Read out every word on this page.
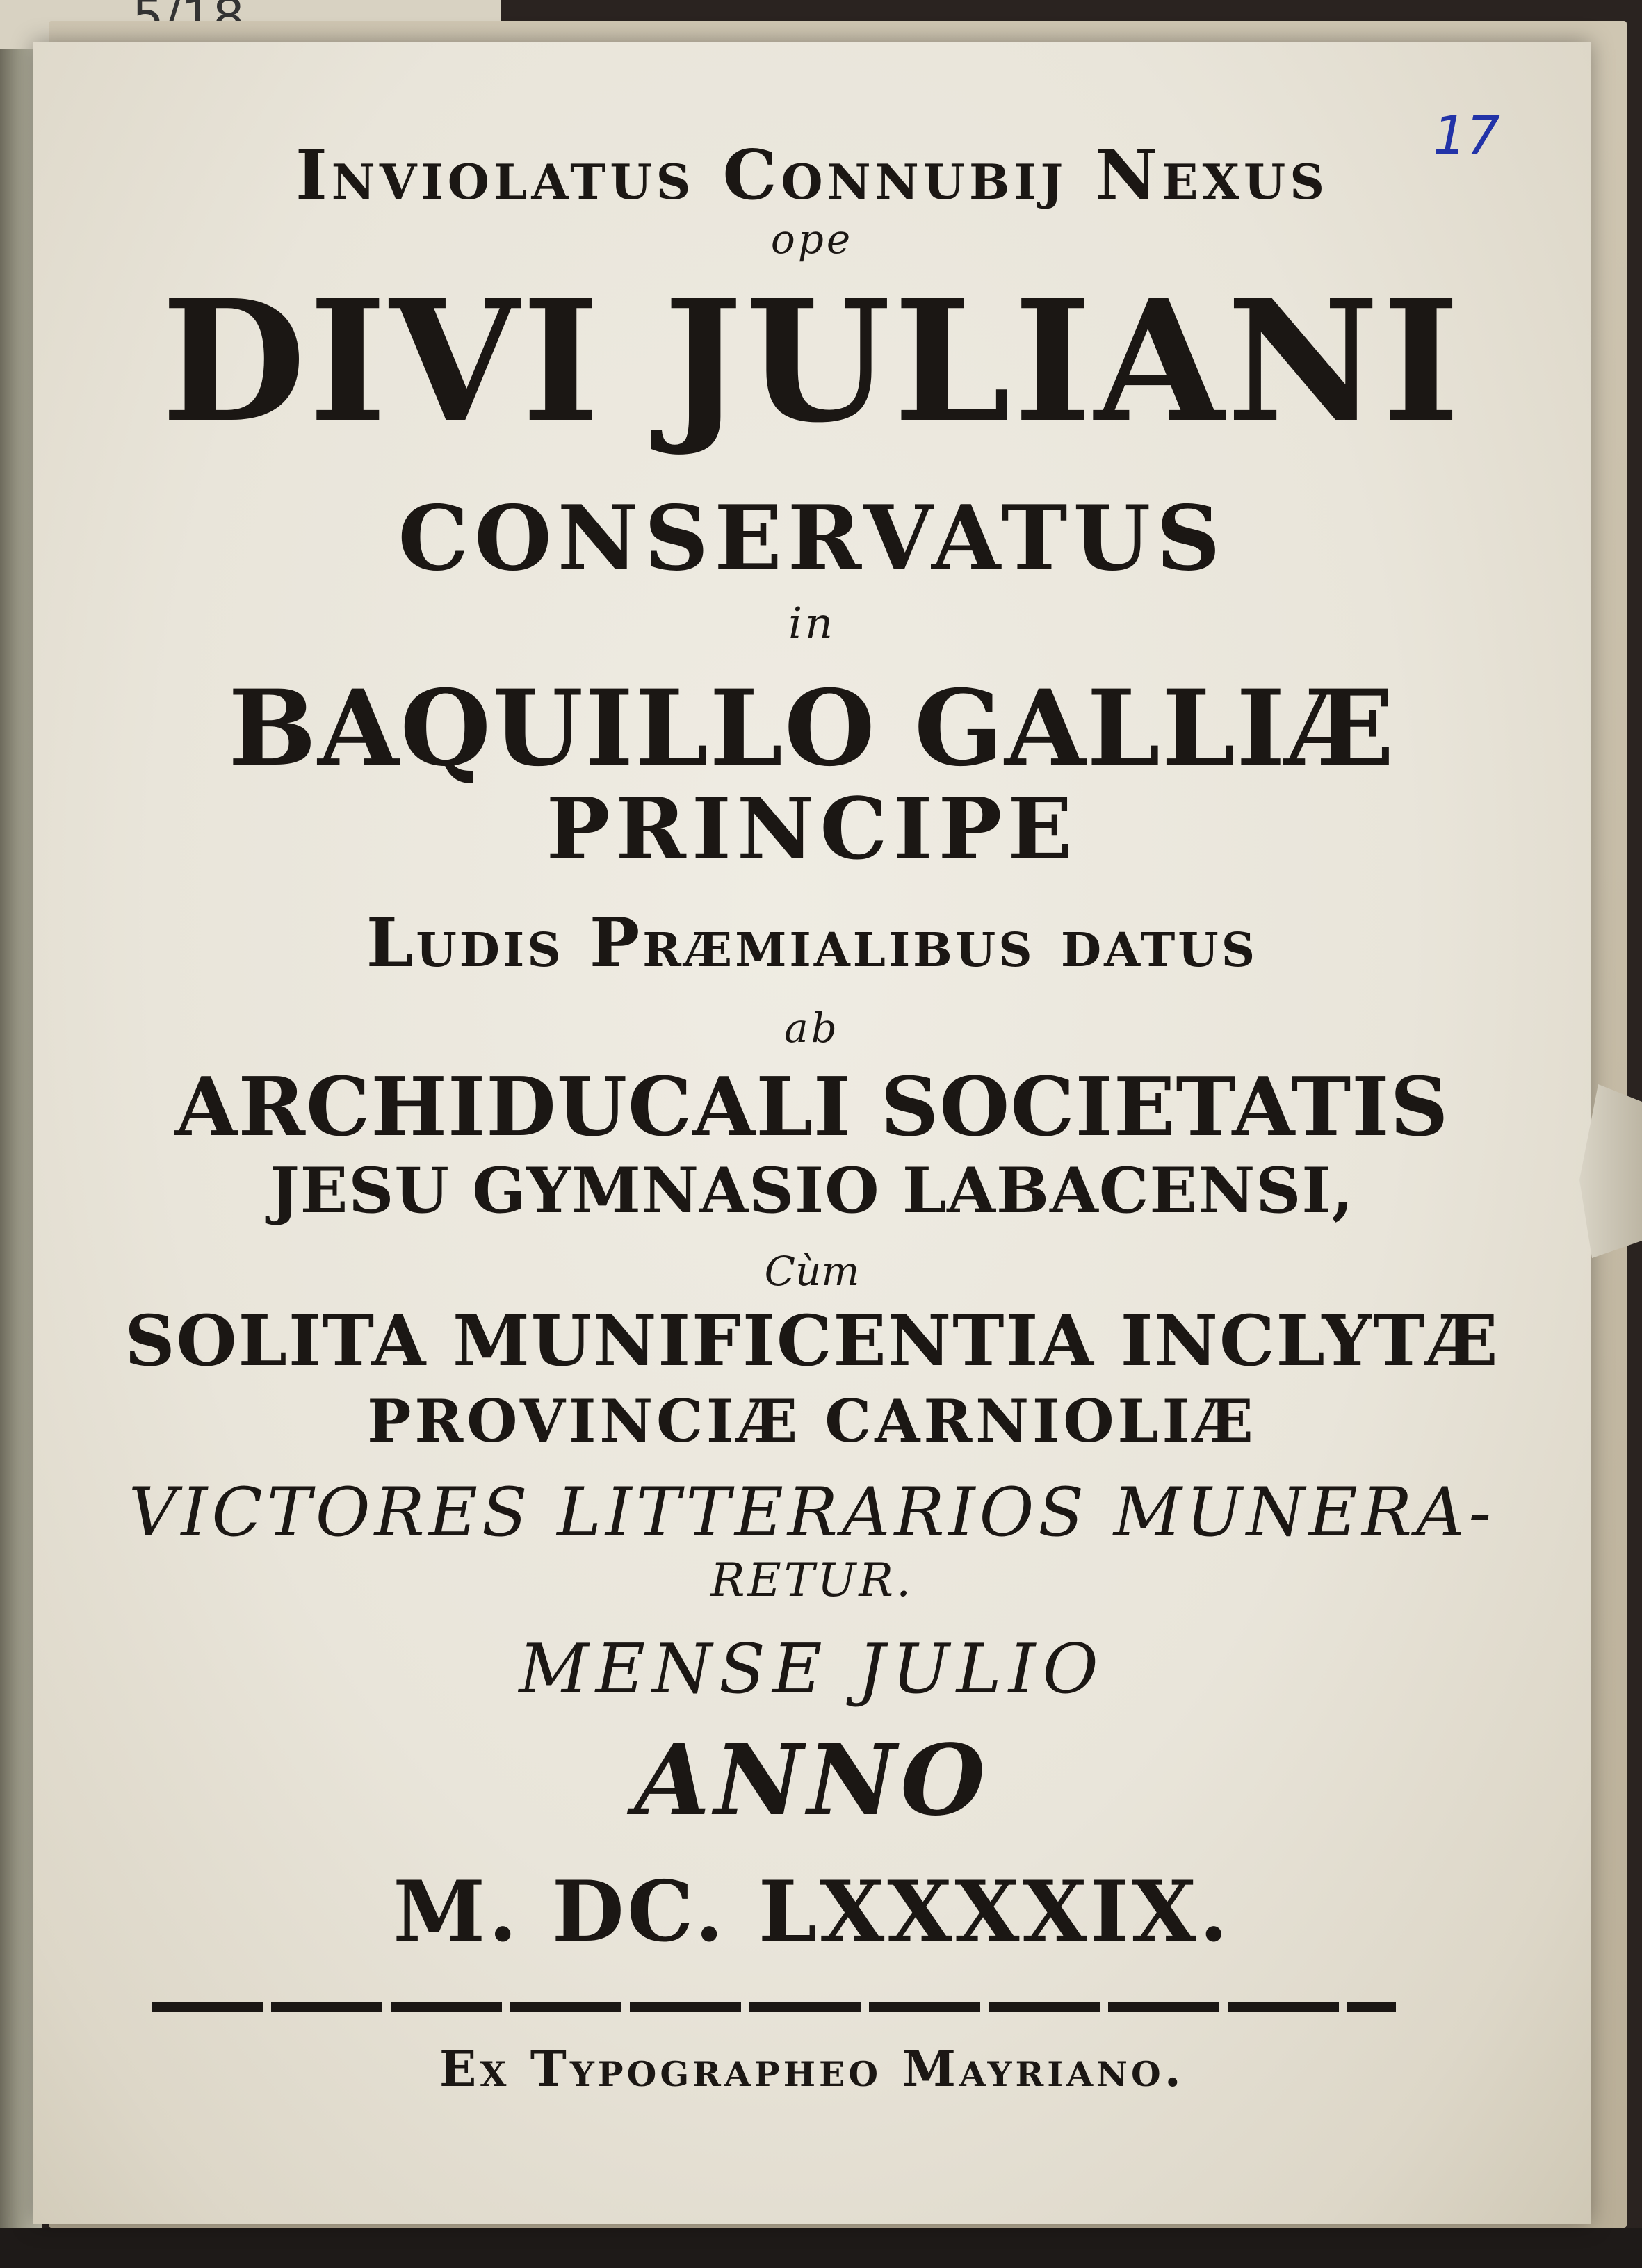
17
Inviolatus Connubij Nexus
ope
DIVI JULIANI
CONSERVATUS
in
BAQUILLO GALLIÆ
PRINCIPE
Ludis Præmialibus datus
ab
ARCHIDUCALI SOCIETATIS
JESU GYMNASIO LABACENSI,
Cùm
SOLITA MUNIFICENTIA INCLYTÆ
PROVINCIÆ CARNIOLIÆ
VICTORES LITTERARIOS MUNERA-
RETUR.
MENSE JULIO
ANNO
M. DC. LXXXXIX.
Ex Typographeo Mayriano.
